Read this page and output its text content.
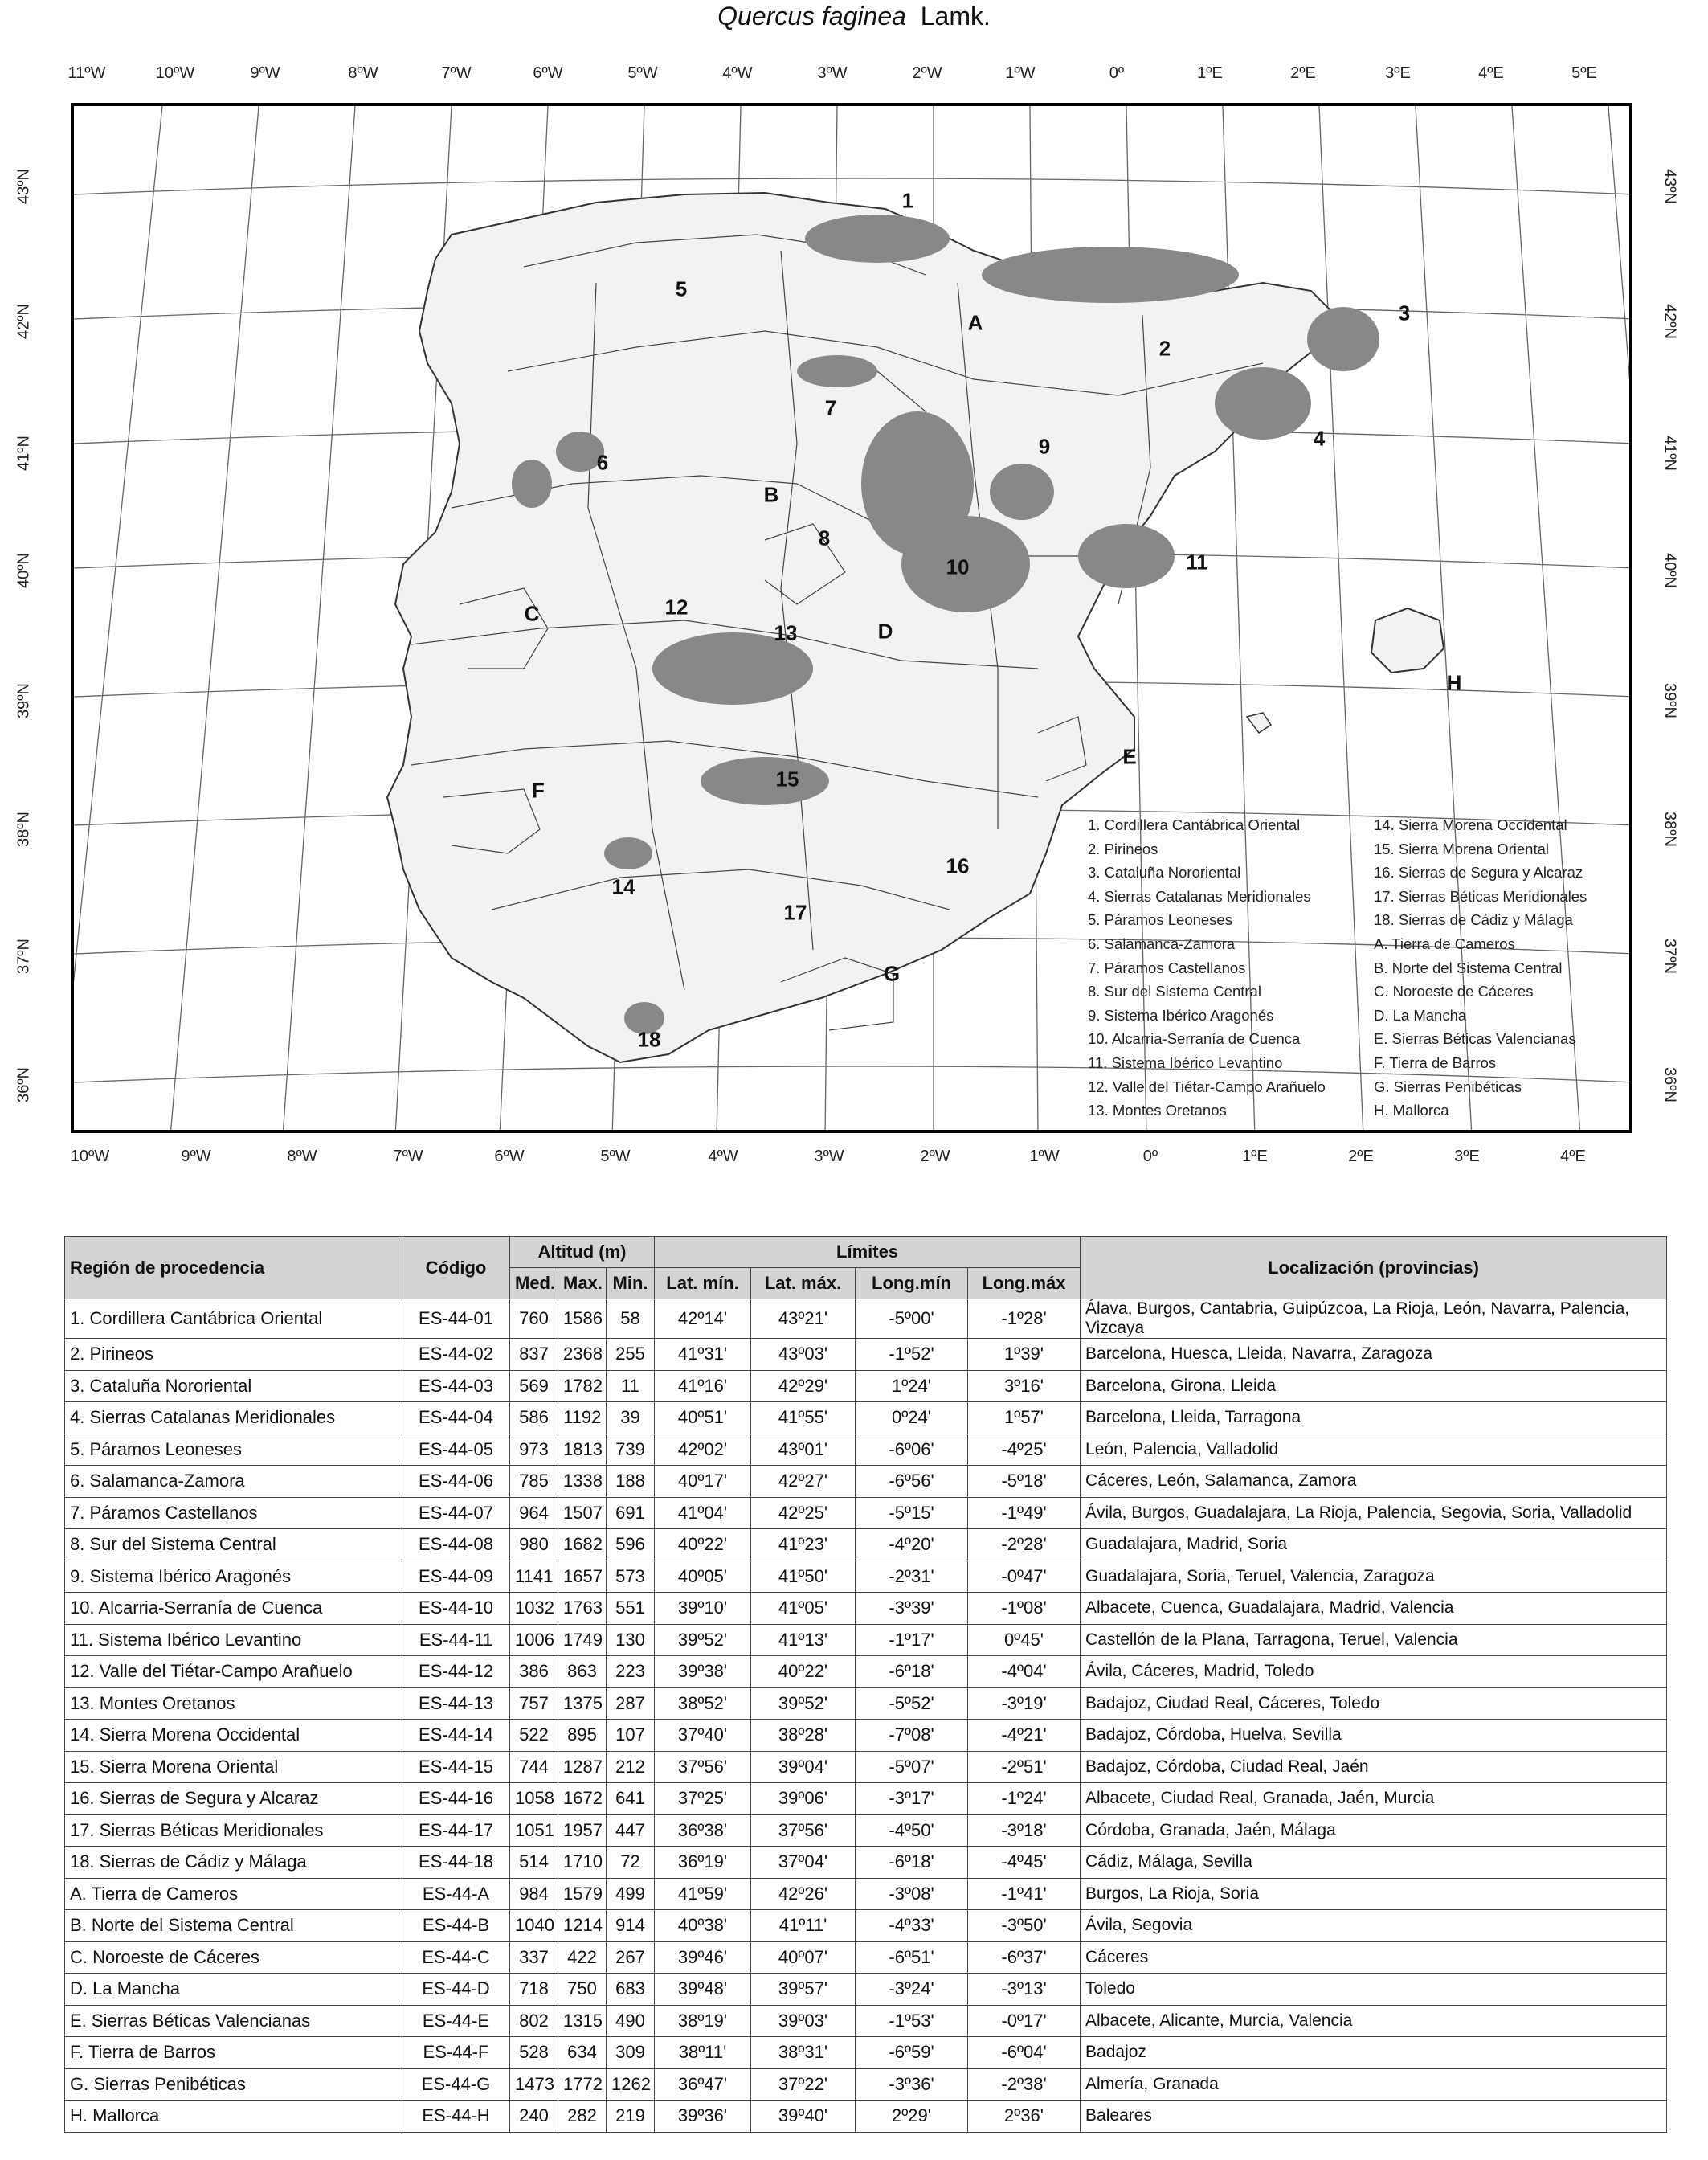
Quercus faginea Lamk.
11ºW	10ºW	9ºW	8ºW	7ºW	6ºW	5ºW	4ºW	3ºW	2ºW	1ºW	0º	1ºE	2ºE	3ºE	4ºE	5ºE
10ºW	9ºW	8ºW	7ºW	6ºW	5ºW	4ºW	3ºW	2ºW	1ºW	0º	1ºE	2ºE	3ºE	4ºE
43ºN	43ºN
42ºN	42ºN
41ºN	41ºN
40ºN	40ºN
39ºN	39ºN
38ºN	38ºN
37ºN	37ºN
36ºN	36ºN
1
2
3
4
5
6
7
8
9
10	11
12
13
14
15
16
17
18
A
B
C
D
E
F
G
H
1. Cordillera Cantábrica Oriental
2. Pirineos
3. Cataluña Nororiental
4. Sierras Catalanas Meridionales
5. Páramos Leoneses
6. Salamanca-Zamora
7. Páramos Castellanos
8. Sur del Sistema Central
9. Sistema Ibérico Aragonés
10. Alcarria-Serranía de Cuenca
11. Sistema Ibérico Levantino
12. Valle del Tiétar-Campo Arañuelo
13. Montes Oretanos
14. Sierra Morena Occidental
15. Sierra Morena Oriental
16. Sierras de Segura y Alcaraz
17. Sierras Béticas Meridionales
18. Sierras de Cádiz y Málaga
A. Tierra de Cameros
B. Norte del Sistema Central
C. Noroeste de Cáceres
D. La Mancha
E. Sierras Béticas Valencianas
F. Tierra de Barros
G. Sierras Penibéticas
H. Mallorca
Región de procedencia	Código	Altitud (m)			Límites				Localización (provincias)
		Med.	Max.	Min.	Lat. mín.	Lat. máx.	Long.mín	Long.máx	
1. Cordillera Cantábrica Oriental	ES-44-01	760	1586	58	42º14'	43º21'	-5º00'	-1º28'	Álava, Burgos, Cantabria, Guipúzcoa, La Rioja, León, Navarra, Palencia, Vizcaya
2. Pirineos	ES-44-02	837	2368	255	41º31'	43º03'	-1º52'	1º39'	Barcelona, Huesca, Lleida, Navarra, Zaragoza
3. Cataluña Nororiental	ES-44-03	569	1782	11	41º16'	42º29'	1º24'	3º16'	Barcelona, Girona, Lleida
4. Sierras Catalanas Meridionales	ES-44-04	586	1192	39	40º51'	41º55'	0º24'	1º57'	Barcelona, Lleida, Tarragona
5. Páramos Leoneses	ES-44-05	973	1813	739	42º02'	43º01'	-6º06'	-4º25'	León, Palencia, Valladolid
6. Salamanca-Zamora	ES-44-06	785	1338	188	40º17'	42º27'	-6º56'	-5º18'	Cáceres, León, Salamanca, Zamora
7. Páramos Castellanos	ES-44-07	964	1507	691	41º04'	42º25'	-5º15'	-1º49'	Ávila, Burgos, Guadalajara, La Rioja, Palencia, Segovia, Soria, Valladolid
8. Sur del Sistema Central	ES-44-08	980	1682	596	40º22'	41º23'	-4º20'	-2º28'	Guadalajara, Madrid, Soria
9. Sistema Ibérico Aragonés	ES-44-09	1141	1657	573	40º05'	41º50'	-2º31'	-0º47'	Guadalajara, Soria, Teruel, Valencia, Zaragoza
10. Alcarria-Serranía de Cuenca	ES-44-10	1032	1763	551	39º10'	41º05'	-3º39'	-1º08'	Albacete, Cuenca, Guadalajara, Madrid, Valencia
11. Sistema Ibérico Levantino	ES-44-11	1006	1749	130	39º52'	41º13'	-1º17'	0º45'	Castellón de la Plana, Tarragona, Teruel, Valencia
12. Valle del Tiétar-Campo Arañuelo	ES-44-12	386	863	223	39º38'	40º22'	-6º18'	-4º04'	Ávila, Cáceres, Madrid, Toledo
13. Montes Oretanos	ES-44-13	757	1375	287	38º52'	39º52'	-5º52'	-3º19'	Badajoz, Ciudad Real, Cáceres, Toledo
14. Sierra Morena Occidental	ES-44-14	522	895	107	37º40'	38º28'	-7º08'	-4º21'	Badajoz, Córdoba, Huelva, Sevilla
15. Sierra Morena Oriental	ES-44-15	744	1287	212	37º56'	39º04'	-5º07'	-2º51'	Badajoz, Córdoba, Ciudad Real, Jaén
16. Sierras de Segura y Alcaraz	ES-44-16	1058	1672	641	37º25'	39º06'	-3º17'	-1º24'	Albacete, Ciudad Real, Granada, Jaén, Murcia
17. Sierras Béticas Meridionales	ES-44-17	1051	1957	447	36º38'	37º56'	-4º50'	-3º18'	Córdoba, Granada, Jaén, Málaga
18. Sierras de Cádiz y Málaga	ES-44-18	514	1710	72	36º19'	37º04'	-6º18'	-4º45'	Cádiz, Málaga, Sevilla
A. Tierra de Cameros	ES-44-A	984	1579	499	41º59'	42º26'	-3º08'	-1º41'	Burgos, La Rioja, Soria
B. Norte del Sistema Central	ES-44-B	1040	1214	914	40º38'	41º11'	-4º33'	-3º50'	Ávila, Segovia
C. Noroeste de Cáceres	ES-44-C	337	422	267	39º46'	40º07'	-6º51'	-6º37'	Cáceres
D. La Mancha	ES-44-D	718	750	683	39º48'	39º57'	-3º24'	-3º13'	Toledo
E. Sierras Béticas Valencianas	ES-44-E	802	1315	490	38º19'	39º03'	-1º53'	-0º17'	Albacete, Alicante, Murcia, Valencia
F. Tierra de Barros	ES-44-F	528	634	309	38º11'	38º31'	-6º59'	-6º04'	Badajoz
G. Sierras Penibéticas	ES-44-G	1473	1772	1262	36º47'	37º22'	-3º36'	-2º38'	Almería, Granada
H. Mallorca	ES-44-H	240	282	219	39º36'	39º40'	2º29'	2º36'	Baleares
